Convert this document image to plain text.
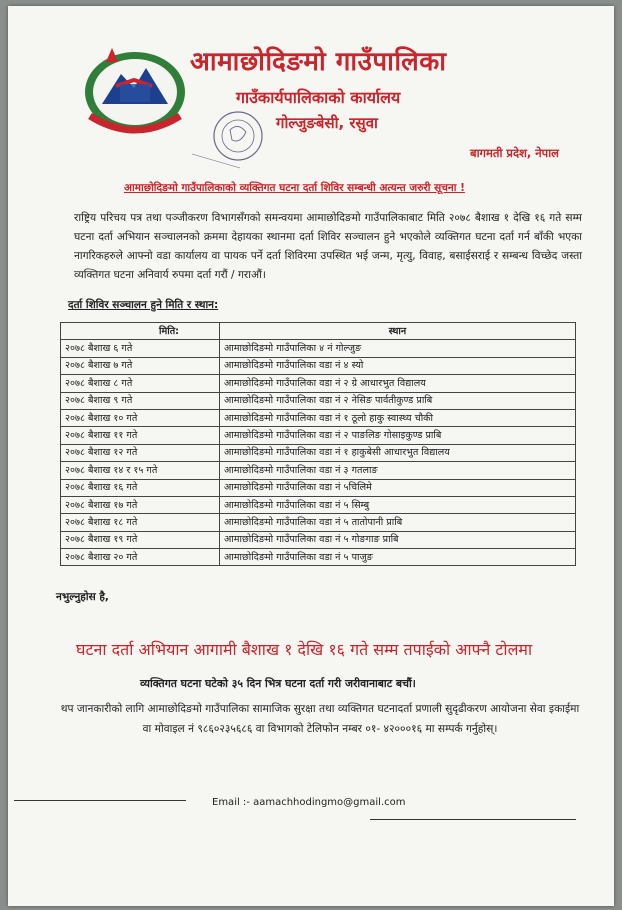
आमाछोदिङमो गाउँपालिका
गाउँकार्यपालिकाको कार्यालय
गोल्जुङबेसी, रसुवा
बागमती प्रदेश, नेपाल
आमाछोदिङमो गाउँपालिकाको व्यक्तिगत घटना दर्ता शिविर सम्बन्धी अत्यन्त जरुरी सूचना !
राष्ट्रिय परिचय पत्र तथा पञ्जीकरण विभागसँगको समन्वयमा आमाछोदिङमो गाउँपालिकाबाट मिति २०७८ बैशाख १ देखि १६ गते सम्म घटना दर्ता अभियान सञ्चालनको क्रममा देहायका स्थानमा दर्ता शिविर सञ्चालन हुने भएकोले व्यक्तिगत घटना दर्ता गर्न बाँकी भएका नागरिकहरुले आफ्नो वडा कार्यालय वा पायक पर्ने दर्ता शिविरमा उपस्थित भई जन्म, मृत्यु, विवाह, बसाईसराई र सम्बन्ध विच्छेद जस्ता व्यक्तिगत घटना अनिवार्य रुपमा दर्ता गरौं / गराऔं।
दर्ता शिविर सञ्चालन हुने मिति र स्थान:
मिति:	स्थान
२०७८ बैशाख ६ गते	आमाछोदिङमो गाउँपालिका ४ नं गोल्जुङ
२०७८ बैशाख ७ गते	आमाछोदिङमो गाउँपालिका वडा नं ४ स्यो
२०७८ बैशाख ८ गते	आमाछोदिङमो गाउँपालिका वडा नं २ ग्रे आधारभुत विद्यालय
२०७८ बैशाख ९ गते	आमाछोदिङमो गाउँपालिका वडा नं २ नेसिङ पार्वतीकुण्ड प्राबि
२०७८ बैशाख १० गते	आमाछोदिङमो गाउँपालिका वडा नं १ ठूलो हाकु स्वास्थ्य चौकी
२०७८ बैशाख ११ गते	आमाछोदिङमो गाउँपालिका वडा नं २ पाङलिङ गोसाइकुण्ड प्राबि
२०७८ बैशाख १२ गते	आमाछोदिङमो गाउँपालिका वडा नं १ हाकुबेसी आधारभुत विद्यालय
२०७८ बैशाख १४ र १५ गते	आमाछोदिङमो गाउँपालिका वडा नं ३ गतलाङ
२०७८ बैशाख १६ गते	आमाछोदिङमो गाउँपालिका वडा नं ५चिलिमे
२०७८ बैशाख १७ गते	आमाछोदिङमो गाउँपालिका वडा नं ५ सिम्बु
२०७८ बैशाख १८ गते	आमाछोदिङमो गाउँपालिका वडा नं ५ तातोपानी प्राबि
२०७८ बैशाख १९ गते	आमाछोदिङमो गाउँपालिका वडा नं ५ गोङगाङ प्राबि
२०७८ बैशाख २० गते	आमाछोदिङमो गाउँपालिका वडा नं ५ पाजुङ
नभुल्नुहोस है,
घटना दर्ता अभियान आगामी बैशाख १ देखि १६ गते सम्म तपाईको आफ्नै टोलमा
व्यक्तिगत घटना घटेको ३५ दिन भित्र घटना दर्ता गरी जरीवानाबाट बचौं।
थप जानकारीको लागि आमाछोदिङमो गाउँपालिका सामाजिक सुरक्षा तथा व्यक्तिगत घटनादर्ता प्रणाली सुदृढीकरण आयोजना सेवा इकाईमा वा मोवाइल नं ९८६०२३५६८६ वा विभागको टेलिफोन नम्बर ०१- ४२०००१६ मा सम्पर्क गर्नुहोस्।
Email :- aamachhodingmo@gmail.com
